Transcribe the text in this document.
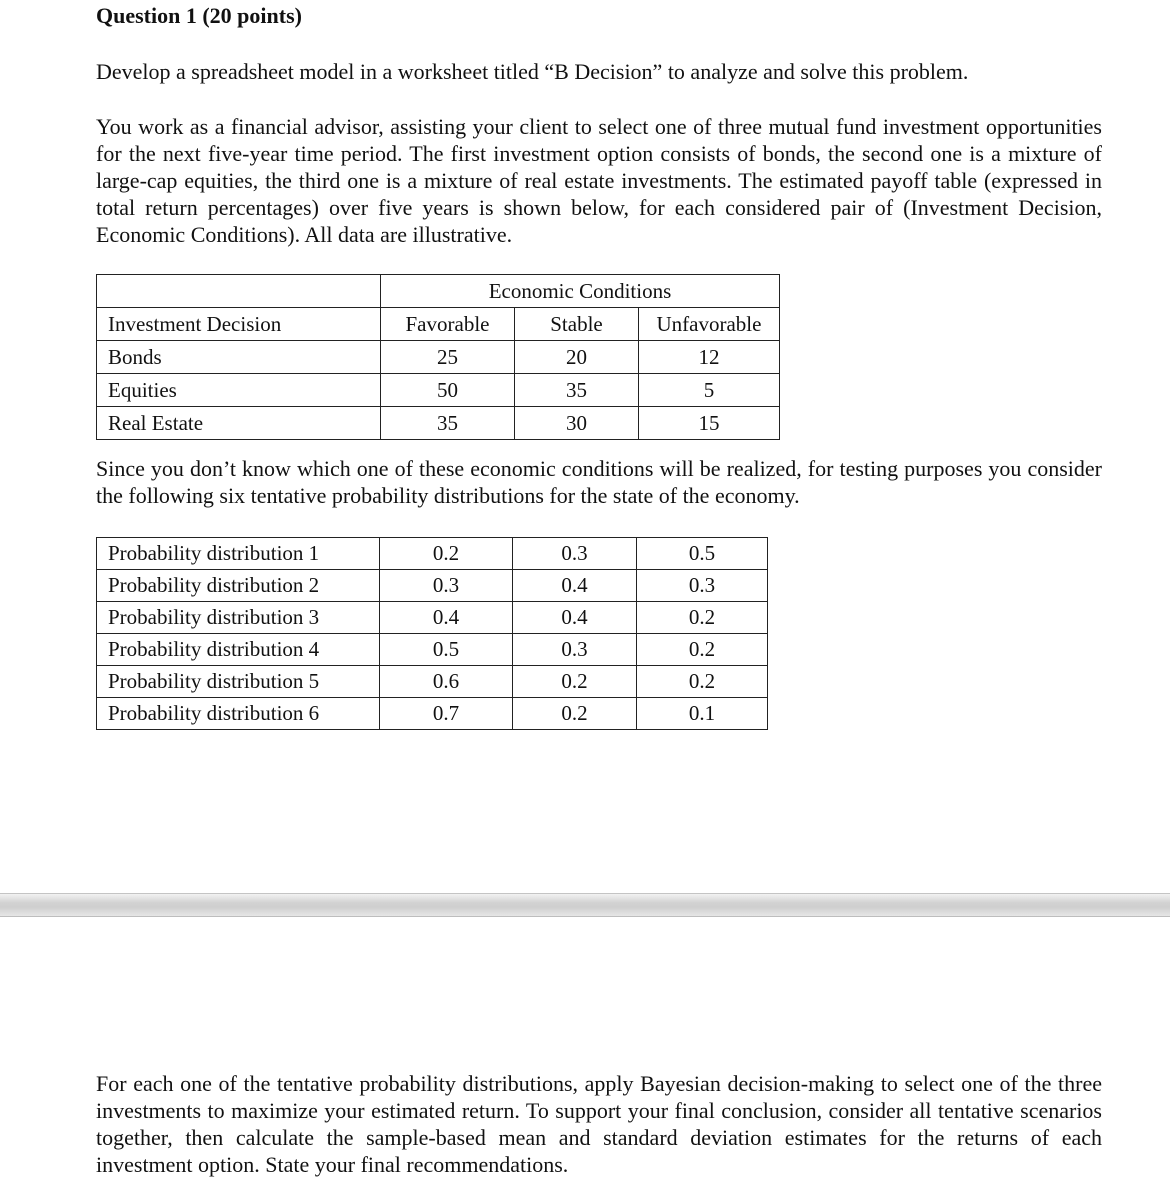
Question 1 (20 points)

Develop a spreadsheet model in a worksheet titled “B Decision” to analyze and solve this problem.

You work as a financial advisor, assisting your client to select one of three mutual fund investment opportunities for the next five-year time period. The first investment option consists of bonds, the second one is a mixture of large-cap equities, the third one is a mixture of real estate investments. The estimated payoff table (expressed in total return percentages) over five years is shown below, for each considered pair of (Investment Decision, Economic Conditions). All data are illustrative.

	Economic Conditions		
Investment Decision	Favorable	Stable	Unfavorable
Bonds	25	20	12
Equities	50	35	5
Real Estate	35	30	15

Since you don’t know which one of these economic conditions will be realized, for testing purposes you consider the following six tentative probability distributions for the state of the economy.

Probability distribution 1	0.2	0.3	0.5
Probability distribution 2	0.3	0.4	0.3
Probability distribution 3	0.4	0.4	0.2
Probability distribution 4	0.5	0.3	0.2
Probability distribution 5	0.6	0.2	0.2
Probability distribution 6	0.7	0.2	0.1

For each one of the tentative probability distributions, apply Bayesian decision-making to select one of the three investments to maximize your estimated return. To support your final conclusion, consider all tentative scenarios together, then calculate the sample-based mean and standard deviation estimates for the returns of each investment option. State your final recommendations.
